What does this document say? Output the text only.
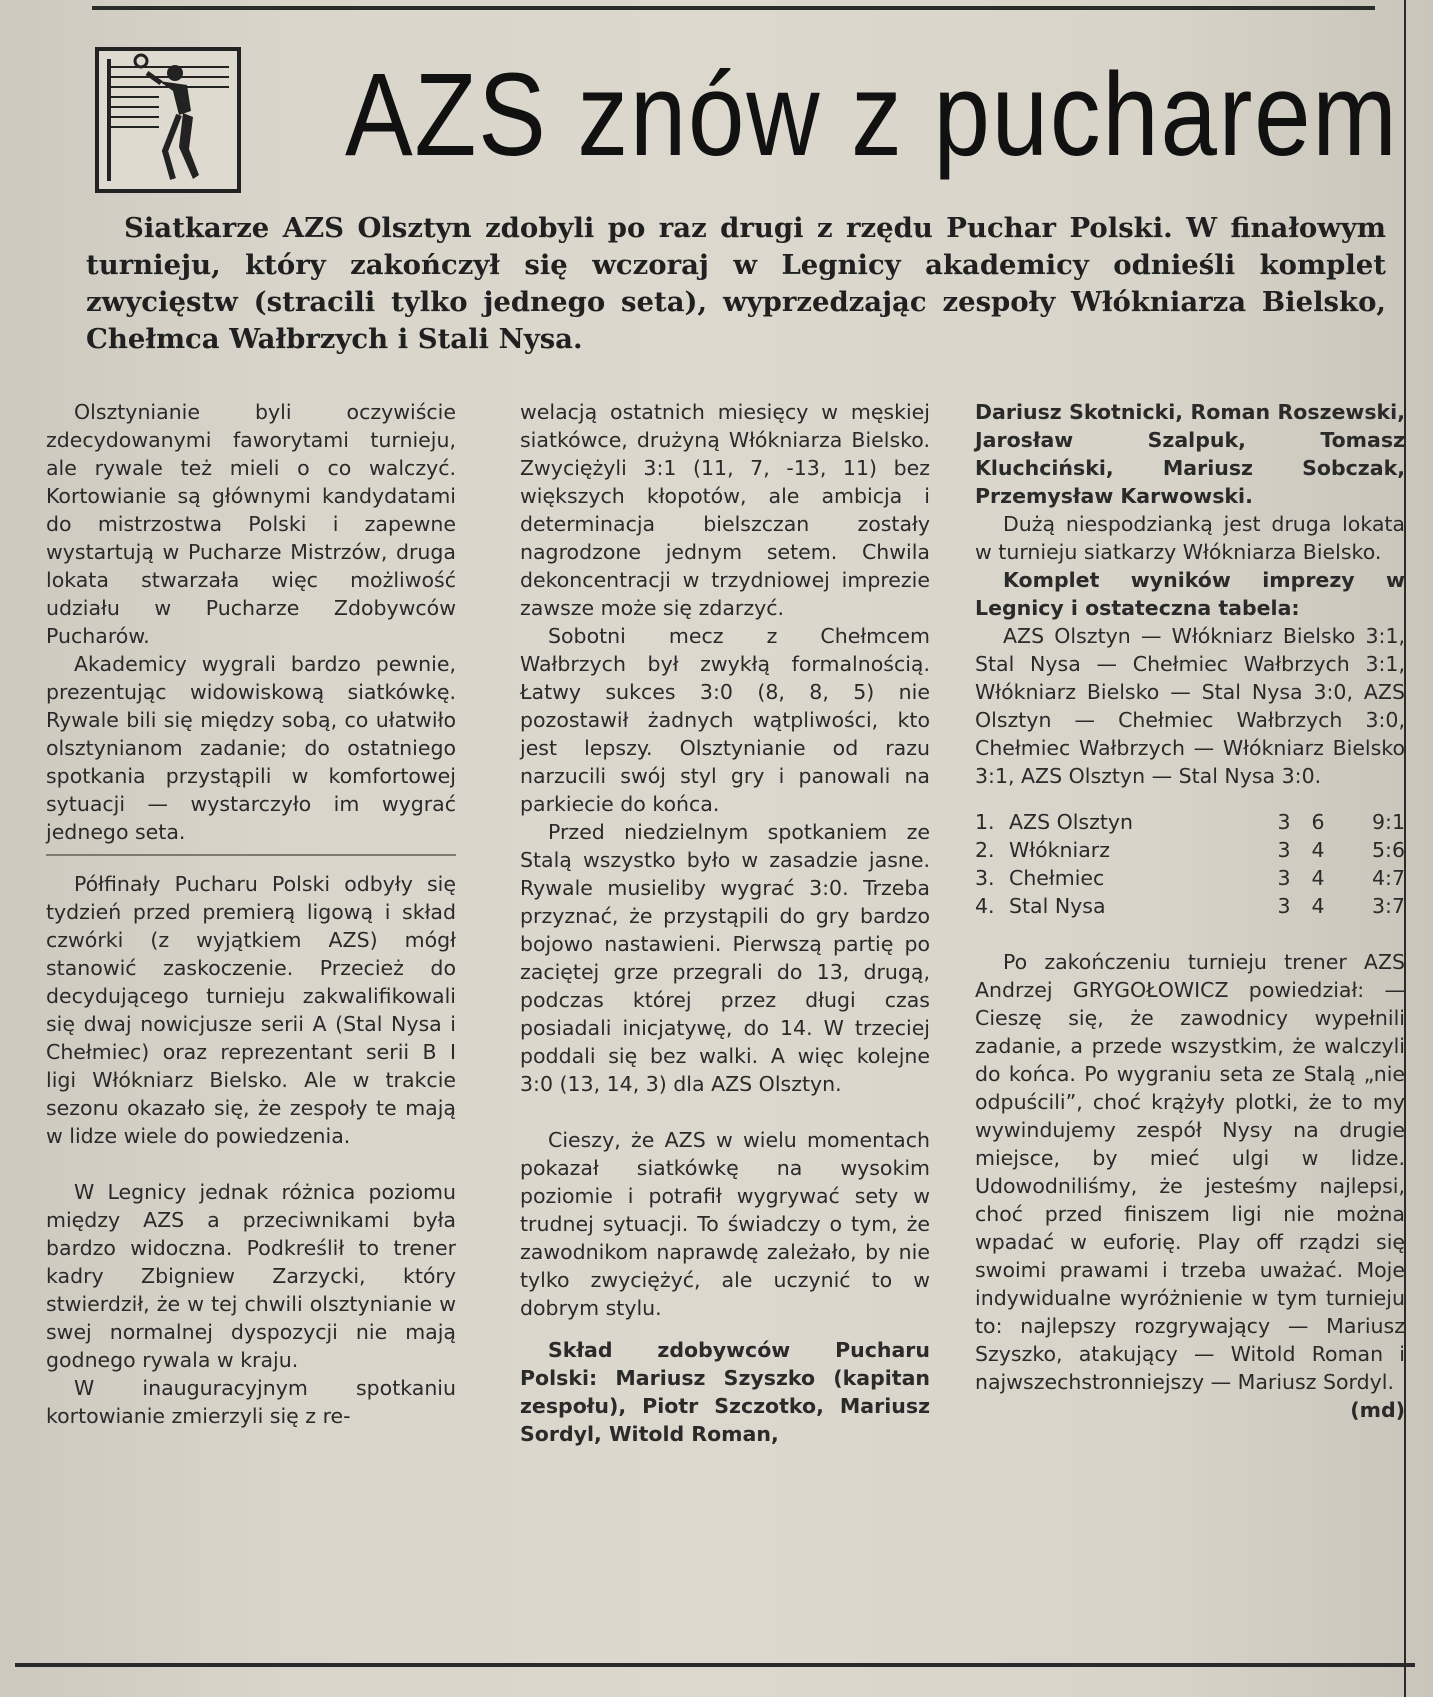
AZS znów z pucharem
Siatkarze AZS Olsztyn zdobyli po raz drugi z rzędu Puchar Polski. W finałowym turnieju, który zakończył się wczoraj w Legnicy akademicy odnieśli komplet zwycięstw (stracili tylko jednego seta), wyprzedzając zespoły Włókniarza Bielsko, Chełmca Wałbrzych i Stali Nysa.

Olsztynianie byli oczywiście zdecydowanymi faworytami turnieju, ale rywale też mieli o co walczyć. Kortowianie są głównymi kandydatami do mistrzostwa Polski i zapewne wystartują w Pucharze Mistrzów, druga lokata stwarzała więc możliwość udziału w Pucharze Zdobywców Pucharów.

Akademicy wygrali bardzo pewnie, prezentując widowiskową siatkówkę. Rywale bili się między sobą, co ułatwiło olsztynianom zadanie; do ostatniego spotkania przystąpili w komfortowej sytuacji — wystarczyło im wygrać jednego seta.

Półfinały Pucharu Polski odbyły się tydzień przed premierą ligową i skład czwórki (z wyjątkiem AZS) mógł stanowić zaskoczenie. Przecież do decydującego turnieju zakwalifikowali się dwaj nowicjusze serii A (Stal Nysa i Chełmiec) oraz reprezentant serii B I ligi Włókniarz Bielsko. Ale w trakcie sezonu okazało się, że zespoły te mają w lidze wiele do powiedzenia.

W Legnicy jednak różnica poziomu między AZS a przeciwnikami była bardzo widoczna. Podkreślił to trener kadry Zbigniew Zarzycki, który stwierdził, że w tej chwili olsztynianie w swej normalnej dyspozycji nie mają godnego rywala w kraju.

W inauguracyjnym spotkaniu kortowianie zmierzyli się z re-

welacją ostatnich miesięcy w męskiej siatkówce, drużyną Włókniarza Bielsko. Zwyciężyli 3:1 (11, 7, -13, 11) bez większych kłopotów, ale ambicja i determinacja bielszczan zostały nagrodzone jednym setem. Chwila dekoncentracji w trzydniowej imprezie zawsze może się zdarzyć.

Sobotni mecz z Chełmcem Wałbrzych był zwykłą formalnością. Łatwy sukces 3:0 (8, 8, 5) nie pozostawił żadnych wątpliwości, kto jest lepszy. Olsztynianie od razu narzucili swój styl gry i panowali na parkiecie do końca.

Przed niedzielnym spotkaniem ze Stalą wszystko było w zasadzie jasne. Rywale musieliby wygrać 3:0. Trzeba przyznać, że przystąpili do gry bardzo bojowo nastawieni. Pierwszą partię po zaciętej grze przegrali do 13, drugą, podczas której przez długi czas posiadali inicjatywę, do 14. W trzeciej poddali się bez walki. A więc kolejne 3:0 (13, 14, 3) dla AZS Olsztyn.

Cieszy, że AZS w wielu momentach pokazał siatkówkę na wysokim poziomie i potrafił wygrywać sety w trudnej sytuacji. To świadczy o tym, że zawodnikom naprawdę zależało, by nie tylko zwyciężyć, ale uczynić to w dobrym stylu.

Skład zdobywców Pucharu Polski: Mariusz Szyszko (kapitan zespołu), Piotr Szczotko, Mariusz Sordyl, Witold Roman,

Dariusz Skotnicki, Roman Roszewski, Jarosław Szalpuk, Tomasz Kluchciński, Mariusz Sobczak, Przemysław Karwowski.

Dużą niespodzianką jest druga lokata w turnieju siatkarzy Włókniarza Bielsko.

Komplet wyników imprezy w Legnicy i ostateczna tabela:

AZS Olsztyn — Włókniarz Bielsko 3:1, Stal Nysa — Chełmiec Wałbrzych 3:1, Włókniarz Bielsko — Stal Nysa 3:0, AZS Olsztyn — Chełmiec Wałbrzych 3:0, Chełmiec Wałbrzych — Włókniarz Bielsko 3:1, AZS Olsztyn — Stal Nysa 3:0.

1.	AZS Olsztyn	3	6	9:1
2.	Włókniarz	3	4	5:6
3.	Chełmiec	3	4	4:7
4.	Stal Nysa	3	4	3:7

Po zakończeniu turnieju trener AZS Andrzej GRYGOŁOWICZ powiedział: — Cieszę się, że zawodnicy wypełnili zadanie, a przede wszystkim, że walczyli do końca. Po wygraniu seta ze Stalą „nie odpuścili”, choć krążyły plotki, że to my wywindujemy zespół Nysy na drugie miejsce, by mieć ulgi w lidze. Udowodniliśmy, że jesteśmy najlepsi, choć przed finiszem ligi nie można wpadać w euforię. Play off rządzi się swoimi prawami i trzeba uważać. Moje indywidualne wyróżnienie w tym turnieju to: najlepszy rozgrywający — Mariusz Szyszko, atakujący — Witold Roman i najwszechstronniejszy — Mariusz Sordyl.

(md)
